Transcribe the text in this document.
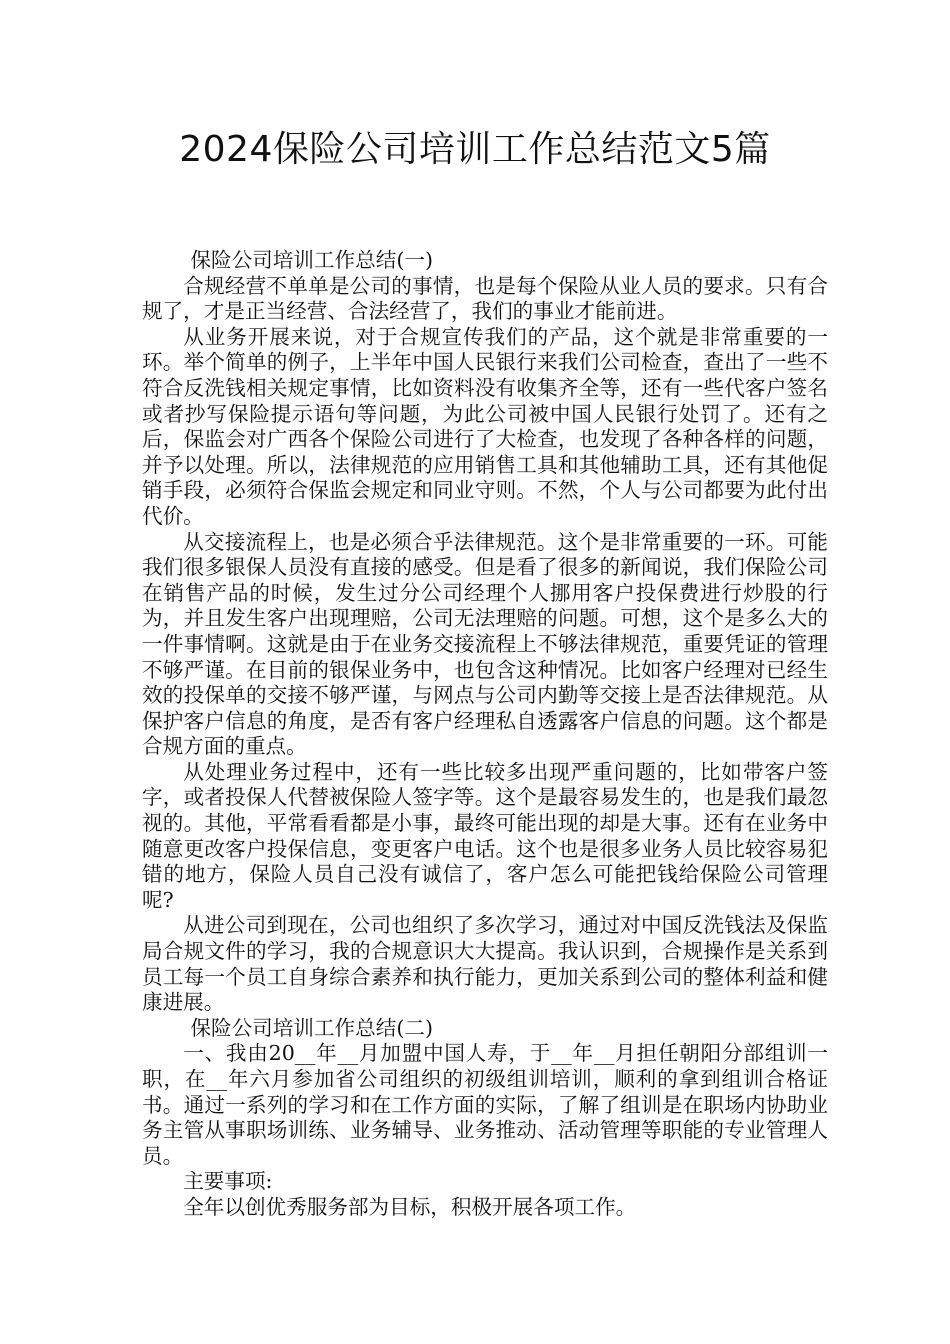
2024保险公司培训工作总结范文5篇

保险公司培训工作总结(一)

合规经营不单单是公司的事情，也是每个保险从业人员的要求。只有合规了，才是正当经营、合法经营了，我们的事业才能前进。

从业务开展来说，对于合规宣传我们的产品，这个就是非常重要的一环。举个简单的例子，上半年中国人民银行来我们公司检查，查出了一些不符合反洗钱相关规定事情，比如资料没有收集齐全等，还有一些代客户签名或者抄写保险提示语句等问题，为此公司被中国人民银行处罚了。还有之后，保监会对广西各个保险公司进行了大检查，也发现了各种各样的问题，并予以处理。所以，法律规范的应用销售工具和其他辅助工具，还有其他促销手段，必须符合保监会规定和同业守则。不然，个人与公司都要为此付出代价。

从交接流程上，也是必须合乎法律规范。这个是非常重要的一环。可能我们很多银保人员没有直接的感受。但是看了很多的新闻说，我们保险公司在销售产品的时候，发生过分公司经理个人挪用客户投保费进行炒股的行为，并且发生客户出现理赔，公司无法理赔的问题。可想，这个是多么大的一件事情啊。这就是由于在业务交接流程上不够法律规范，重要凭证的管理不够严谨。在目前的银保业务中，也包含这种情况。比如客户经理对已经生效的投保单的交接不够严谨，与网点与公司内勤等交接上是否法律规范。从保护客户信息的角度，是否有客户经理私自透露客户信息的问题。这个都是合规方面的重点。

从处理业务过程中，还有一些比较多出现严重问题的，比如带客户签字，或者投保人代替被保险人签字等。这个是最容易发生的，也是我们最忽视的。其他，平常看看都是小事，最终可能出现的却是大事。还有在业务中随意更改客户投保信息，变更客户电话。这个也是很多业务人员比较容易犯错的地方，保险人员自己没有诚信了，客户怎么可能把钱给保险公司管理呢?

从进公司到现在，公司也组织了多次学习，通过对中国反洗钱法及保监局合规文件的学习，我的合规意识大大提高。我认识到，合规操作是关系到员工每一个员工自身综合素养和执行能力，更加关系到公司的整体利益和健康进展。

保险公司培训工作总结(二)

一、我由20__年__月加盟中国人寿，于__年__月担任朝阳分部组训一职，在__年六月参加省公司组织的初级组训培训，顺利的拿到组训合格证书。通过一系列的学习和在工作方面的实际，了解了组训是在职场内协助业务主管从事职场训练、业务辅导、业务推动、活动管理等职能的专业管理人员。

主要事项:

全年以创优秀服务部为目标，积极开展各项工作。
